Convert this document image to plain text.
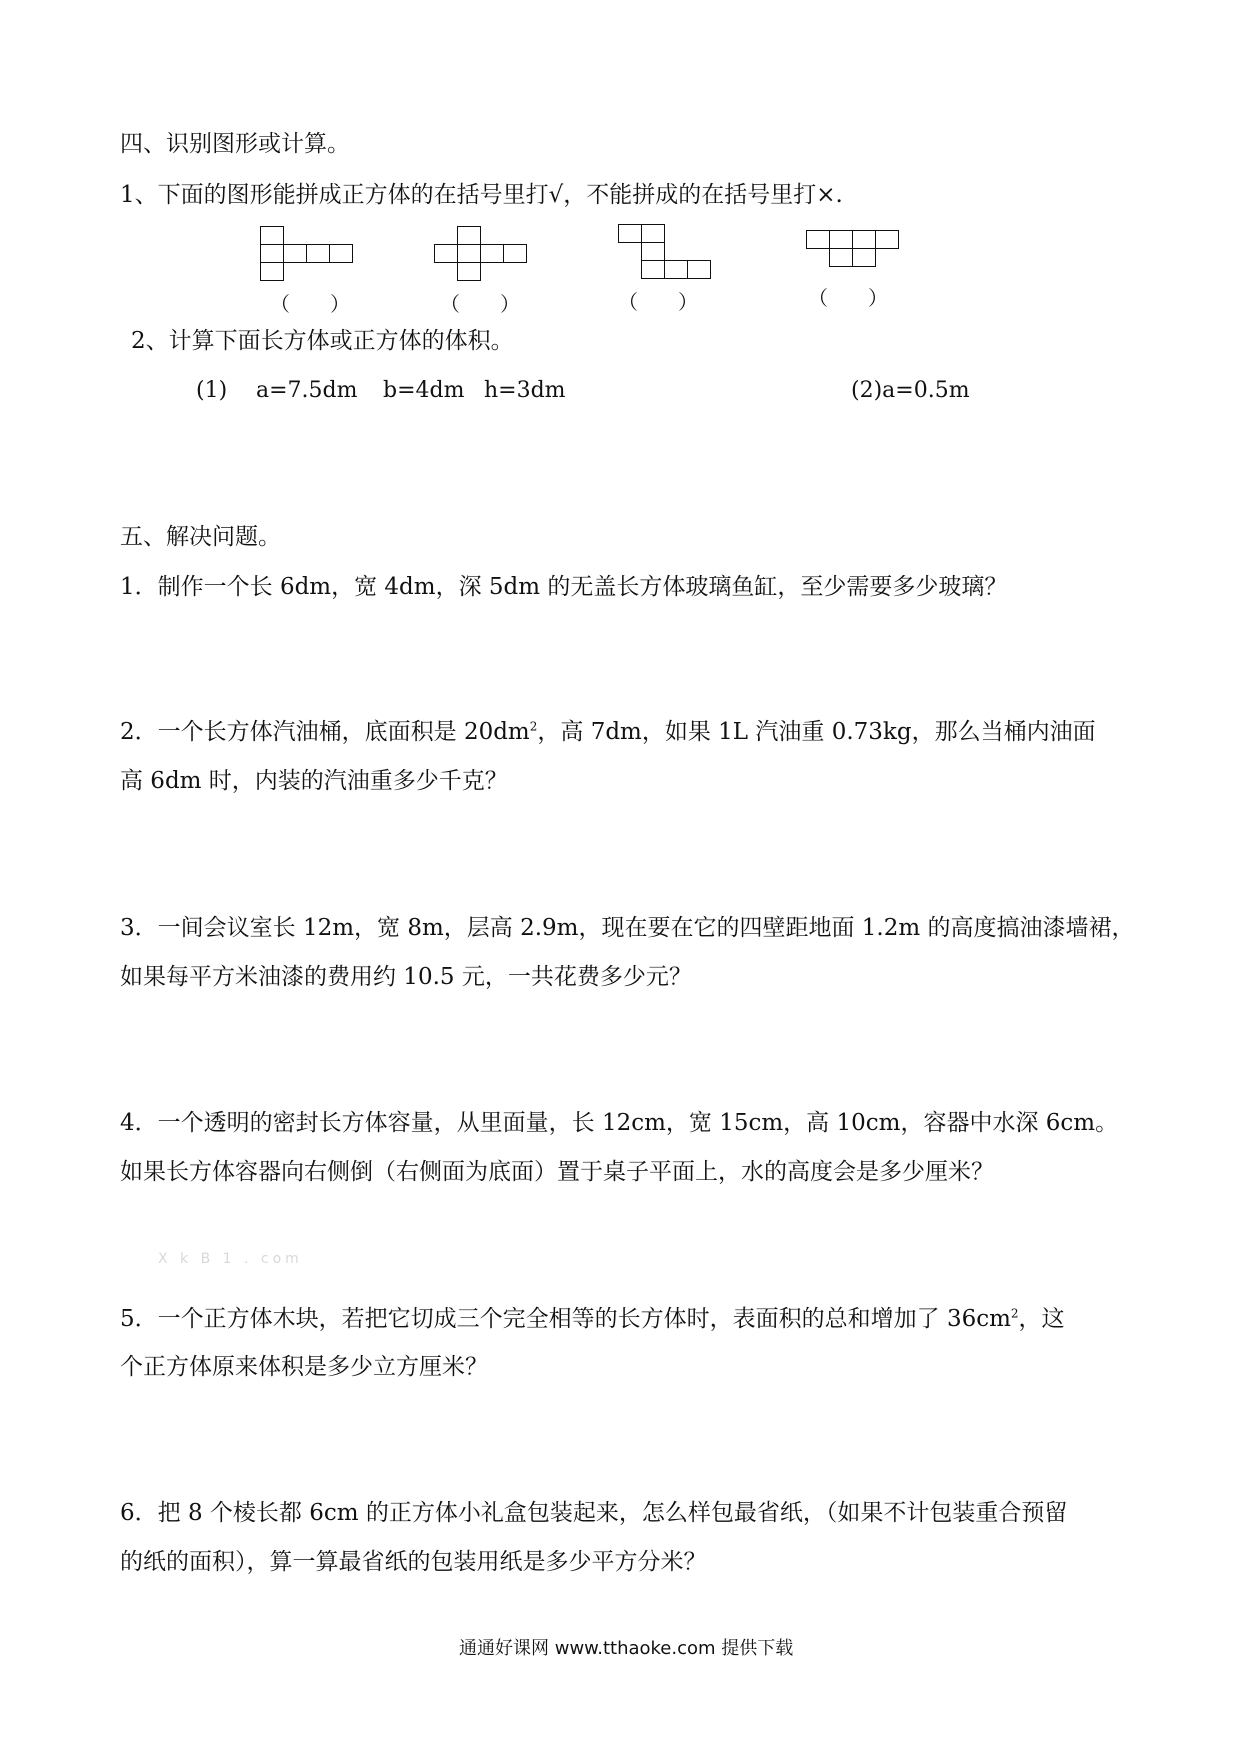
四、识别图形或计算。
1、下面的图形能拼成正方体的在括号里打√，不能拼成的在括号里打×.
（ ）	（ ）	（ ）	（ ）
2、计算下面长方体或正方体的体积。
(1) a=7.5dm b=4dm h=3dm	(2)a=0.5m
五、解决问题。
1．制作一个长 6dm，宽 4dm，深 5dm 的无盖长方体玻璃鱼缸，至少需要多少玻璃？
2．一个长方体汽油桶，底面积是 $20dm^2$，高 7dm，如果 1L 汽油重 0.73kg，那么当桶内油面
高 6dm 时，内装的汽油重多少千克？
3．一间会议室长 12m，宽 8m，层高 2.9m，现在要在它的四壁距地面 1.2m 的高度搞油漆墙裙，
如果每平方米油漆的费用约 10.5 元，一共花费多少元？
4．一个透明的密封长方体容量，从里面量，长 12cm，宽 15cm，高 10cm，容器中水深 6cm。
如果长方体容器向右侧倒（右侧面为底面）置于桌子平面上，水的高度会是多少厘米？
X k B 1 . com
5．一个正方体木块，若把它切成三个完全相等的长方体时，表面积的总和增加了 $36cm^2$，这
个正方体原来体积是多少立方厘米？
6．把 8 个棱长都 6cm 的正方体小礼盒包装起来，怎么样包最省纸，（如果不计包装重合预留
的纸的面积），算一算最省纸的包装用纸是多少平方分米？
通通好课网 www.tthaoke.com 提供下载
